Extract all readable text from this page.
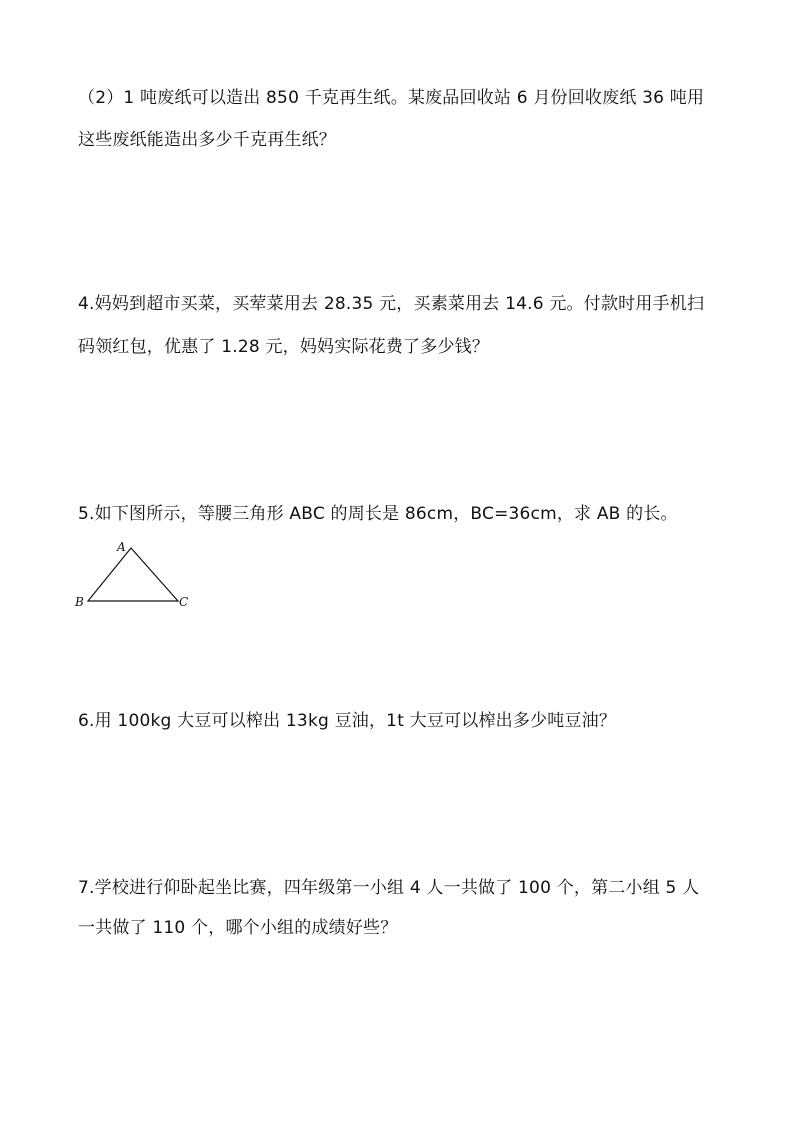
（2）1 吨废纸可以造出 850 千克再生纸。某废品回收站 6 月份回收废纸 36 吨用
这些废纸能造出多少千克再生纸？
4.妈妈到超市买菜，买荤菜用去 28.35 元，买素菜用去 14.6 元。付款时用手机扫
码领红包，优惠了 1.28 元，妈妈实际花费了多少钱？
5.如下图所示，等腰三角形 ABC 的周长是 86cm，BC=36cm，求 AB 的长。
A
B	C
6.用 100kg 大豆可以榨出 13kg 豆油，1t 大豆可以榨出多少吨豆油？
7.学校进行仰卧起坐比赛，四年级第一小组 4 人一共做了 100 个，第二小组 5 人
一共做了 110 个，哪个小组的成绩好些？
